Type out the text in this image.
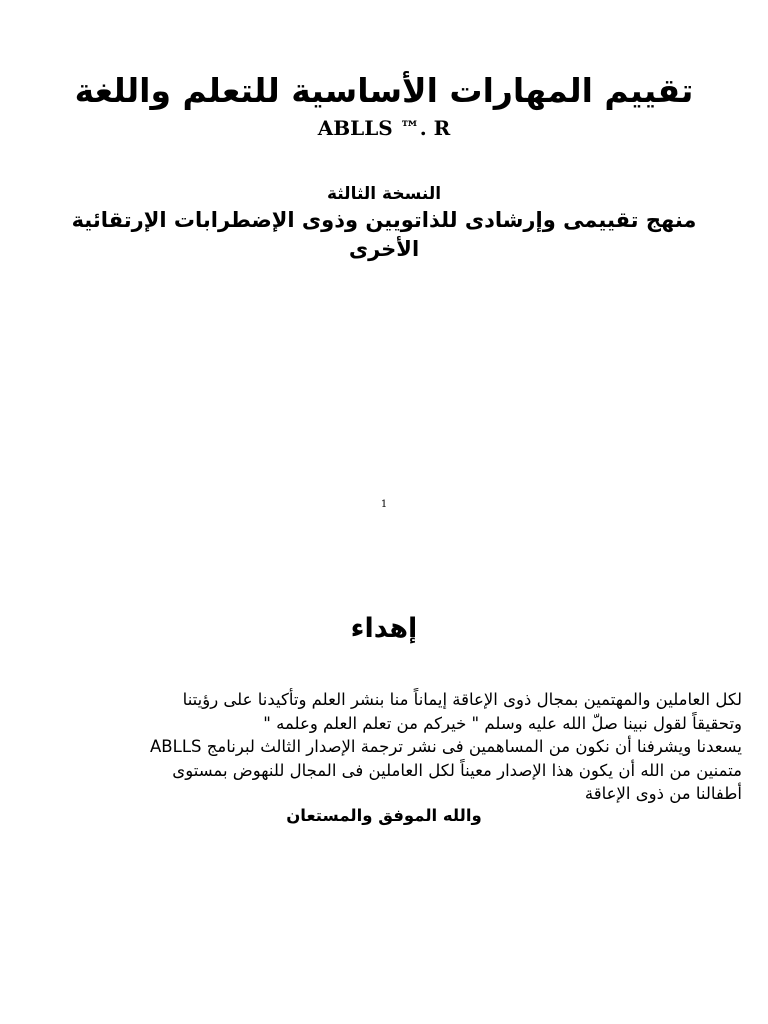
تقييم المهارات الأساسية للتعلم واللغة
ABLLS ™. R
النسخة الثالثة
منهج تقييمى وإرشادى للذاتويين وذوى الإضطرابات الإرتقائية الأخرى
1
إهداء
لكل العاملين والمهتمين بمجال ذوى الإعاقة إيماناً منا بنشر العلم وتأكيدنا على رؤيتنا
وتحقيقاً لقول نبينا صلّ الله عليه وسلم " خيركم من تعلم العلم وعلمه "
يسعدنا ويشرفنا أن نكون من المساهمين فى نشر ترجمة الإصدار الثالث لبرنامج ABLLS
متمنين من الله أن يكون هذا الإصدار معيناً لكل العاملين فى المجال للنهوض بمستوى
أطفالنا من ذوى الإعاقة
والله الموفق والمستعان
